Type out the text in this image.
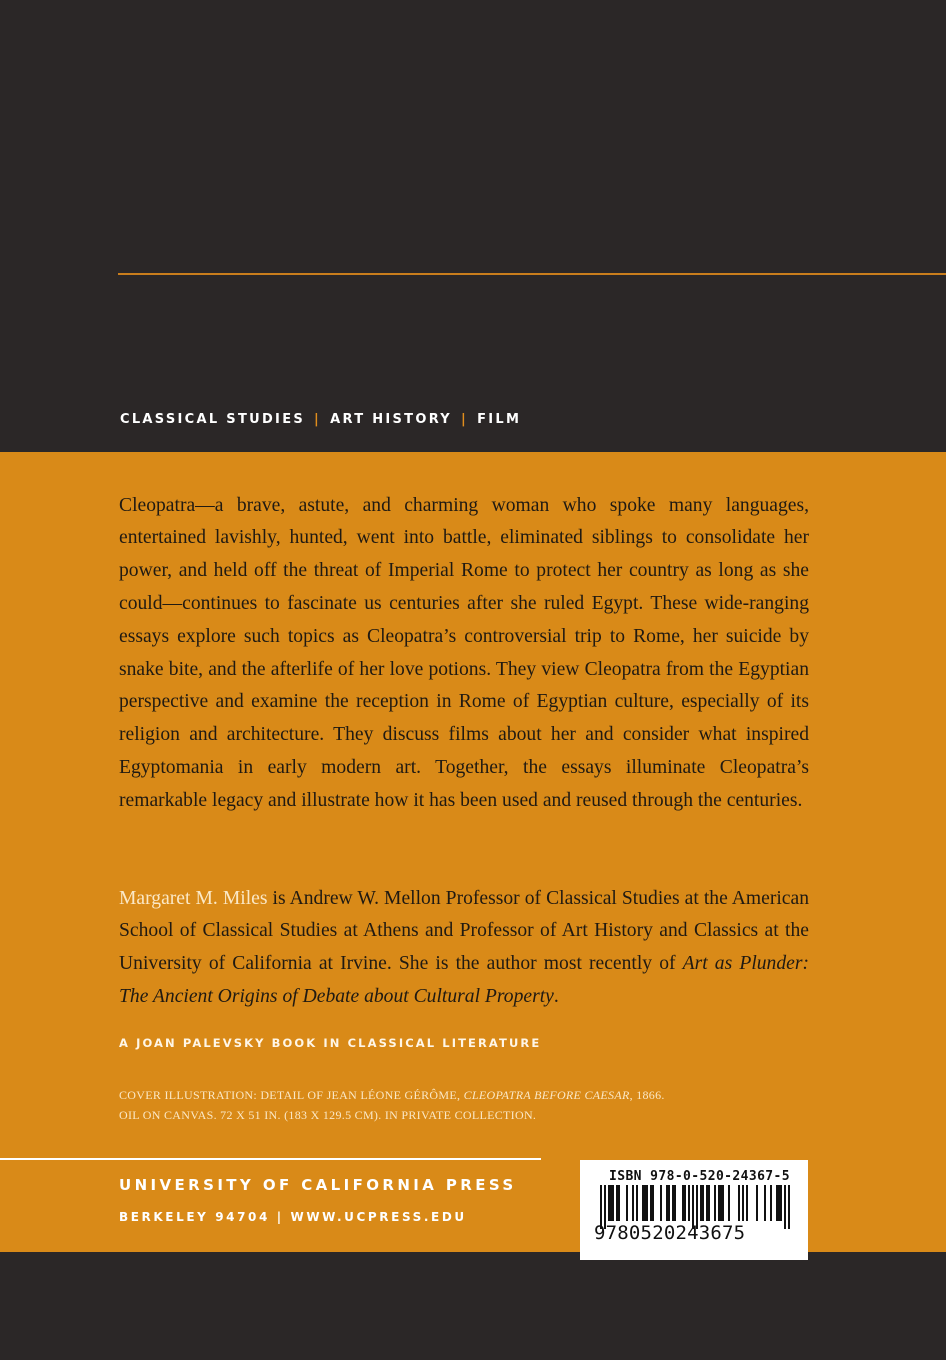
CLASSICAL STUDIES | ART HISTORY | FILM

Cleopatra—a brave, astute, and charming woman who spoke many languages, entertained lavishly, hunted, went into battle, eliminated siblings to consolidate her power, and held off the threat of Imperial Rome to protect her country as long as she could—continues to fascinate us centuries after she ruled Egypt. These wide-ranging essays explore such topics as Cleopatra’s controversial trip to Rome, her suicide by snake bite, and the afterlife of her love potions. They view Cleopatra from the Egyptian perspective and examine the reception in Rome of Egyptian culture, especially of its religion and architecture. They discuss films about her and consider what inspired Egyptomania in early modern art. Together, the essays illuminate Cleopatra’s remarkable legacy and illustrate how it has been used and reused through the centuries.

Margaret M. Miles is Andrew W. Mellon Professor of Classical Studies at the American School of Classical Studies at Athens and Professor of Art History and Classics at the University of California at Irvine. She is the author most recently of Art as Plunder: The Ancient Origins of Debate about Cultural Property.

A JOAN PALEVSKY BOOK IN CLASSICAL LITERATURE
COVER ILLUSTRATION: DETAIL OF JEAN LÉONE GÉRÔME, CLEOPATRA BEFORE CAESAR, 1866.
OIL ON CANVAS. 72 X 51 IN. (183 X 129.5 CM). IN PRIVATE COLLECTION.
UNIVERSITY OF CALIFORNIA PRESS
BERKELEY 94704 | WWW.UCPRESS.EDU
ISBN 978-0-520-24367-5
9780520243675
